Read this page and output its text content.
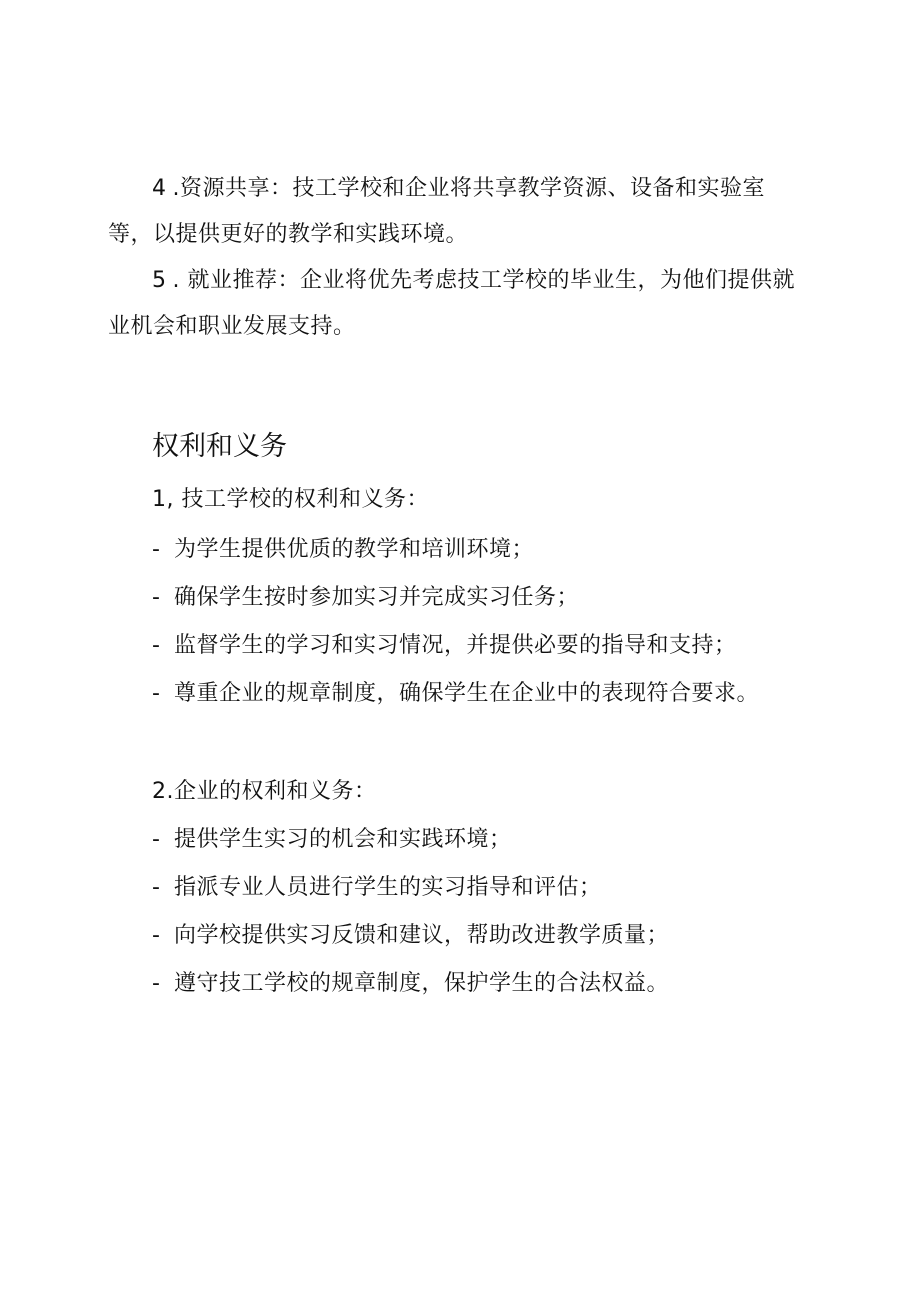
4 .资源共享：技工学校和企业将共享教学资源、设备和实验室等，以提供更好的教学和实践环境。

5 . 就业推荐：企业将优先考虑技工学校的毕业生，为他们提供就业机会和职业发展支持。

权利和义务

1, 技工学校的权利和义务：

- 为学生提供优质的教学和培训环境；

- 确保学生按时参加实习并完成实习任务；

- 监督学生的学习和实习情况，并提供必要的指导和支持；

- 尊重企业的规章制度，确保学生在企业中的表现符合要求。

2.企业的权利和义务：

- 提供学生实习的机会和实践环境；

- 指派专业人员进行学生的实习指导和评估；

- 向学校提供实习反馈和建议，帮助改进教学质量；

- 遵守技工学校的规章制度，保护学生的合法权益。
